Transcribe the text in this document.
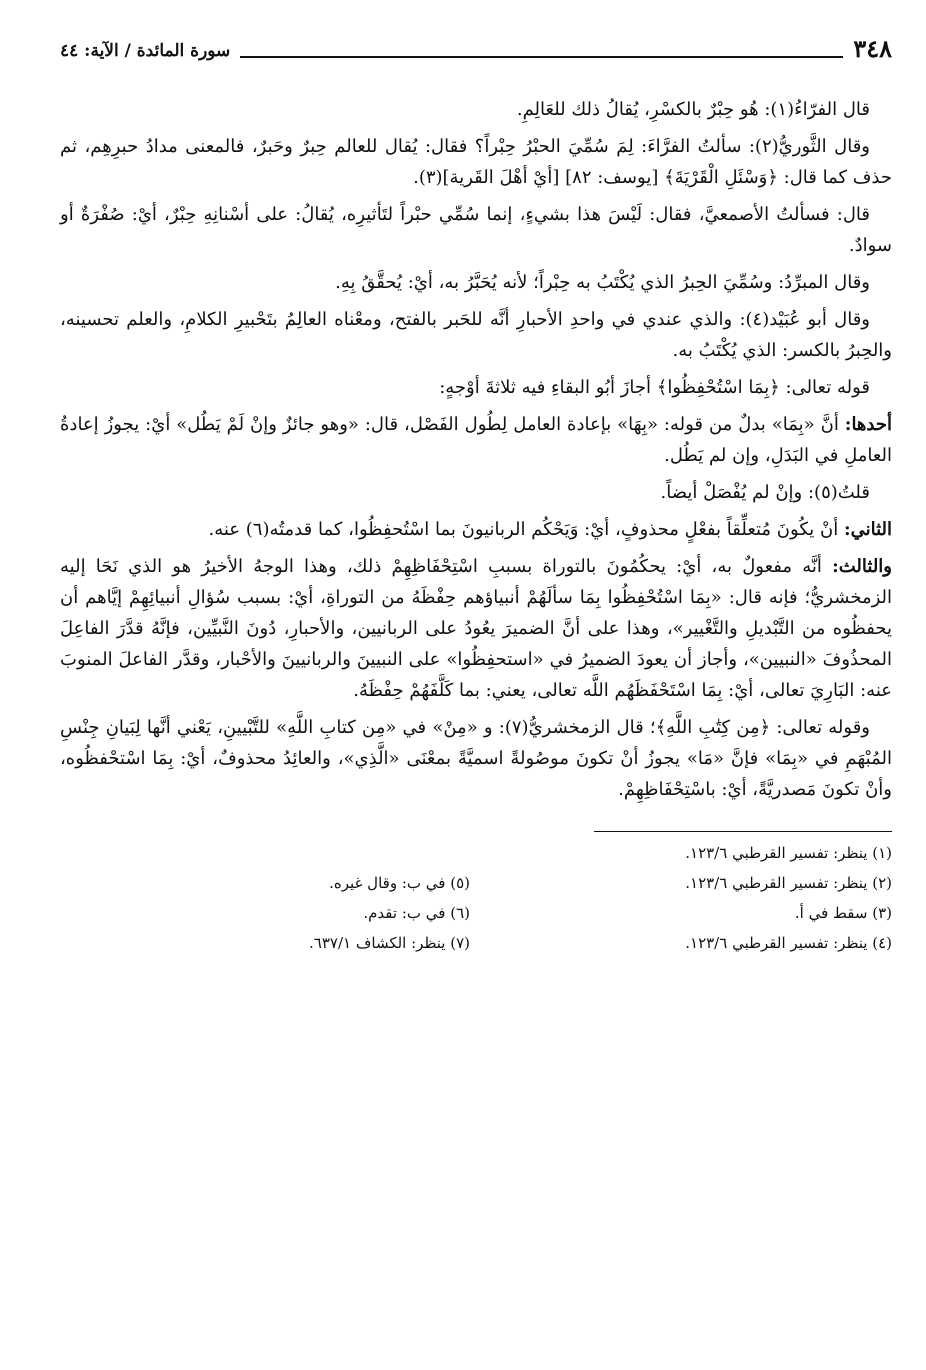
٣٤٨
سورة المائدة / الآية: ٤٤

قال الفرّاءُ(١): هُو حِبْرٌ بالكسْرِ، يُقالُ ذلك للعَالِمِ.

وقال الثَّوريُّ(٢): سألتُ الفرَّاءَ: لِمَ سُمِّيَ الحبْرُ حِبْراً؟ فقال: يُقال للعالم حِبرٌ وحَبرٌ، فالمعنى مدادُ حبرِهِم، ثم حذف كما قال: ﴿وَسْئَلِ الْقَرْيَةَ﴾ [يوسف: ٨٢] [أيْ أهْلَ القَرية](٣).

قال: فسألتُ الأصمعيَّ، فقال: لَيْسَ هذا بشيءٍ، إنما سُمِّي حبْراً لتَأثيرِه، يُقالُ: على أسْنانِهِ حِبْرٌ، أيْ: صُفْرَةٌ أو سوادٌ.

وقال المبرِّدُ: وسُمِّيَ الحِبرُ الذي يُكْتَبُ به حِبْراً؛ لأنه يُحَبَّرُ به، أيْ: يُحقَّقُ بِهِ.

وقال أبو عُبَيْد(٤): والذي عندي في واحدِ الأحبارِ أنَّه للحَبر بالفتح، ومعْناه العالِمُ بتَحْبيرِ الكلامِ، والعلم تحسينه، والحِبرُ بالكسر: الذي يُكْتَبُ به.

قوله تعالى: ﴿بِمَا اسْتُحْفِظُوا﴾ أجازَ أبُو البقاءِ فيه ثلاثةَ أوْجهٍ:

أحدها: أنَّ «بِمَا» بدلٌ من قوله: «بِهَا» بإعادة العامل لِطُول الفَصْل، قال: «وهو جائزٌ وإنْ لَمْ يَطُل» أيْ: يجوزُ إعادةُ العاملِ في البَدَلِ، وإن لم يَطُل.

قلتُ(٥): وإنْ لم يُفْصَلْ أيضاً.

الثاني: أنْ يكُونَ مُتعلِّقاً بفعْلٍ محذوفٍ، أيْ: وَيَحْكُم الربانيونَ بما اسْتُحفِظُوا، كما قدمتُه(٦) عنه.

والثالث: أنَّه مفعولٌ به، أيْ: يحكُمُونَ بالتوراة بسببِ اسْتِحْفَاظِهِمْ ذلك، وهذا الوجهُ الأخيرُ هو الذي نَحَا إليه الزمخشريُّ؛ فإنه قال: «بِمَا اسْتُحْفِظُوا بِمَا سألَهُمْ أنبياؤهم حِفْظَهُ من التوراةِ، أيْ: بسبب سُؤالِ أنبيائِهِمْ إيَّاهم أن يحفظُوه من التَّبْديلِ والتَّغْيير»، وهذا على أنَّ الضميرَ يعُودُ على الربانيين، والأحبارِ، دُونَ النَّبيِّين، فإنَّهُ قدَّرَ الفاعِلَ المحذُوفَ «النبيين»، وأجاز أن يعودَ الضميرُ في «استحفِظُوا» على النبيينَ والربانيينَ والأحْبار، وقدَّر الفاعلَ المنوبَ عنه: البَارِيَ تعالى، أيْ: بِمَا اسْتَحْفَظَهُم اللَّه تعالى، يعني: بما كَلَّفَهُمْ حِفْظَهُ.

وقوله تعالى: ﴿مِن كِتَٰبِ اللَّهِ﴾؛ قال الزمخشريُّ(٧): و «مِنْ» في «مِن كتابِ اللَّهِ» للتَّبْيينِ، يَعْني أنَّها لِبَيانِ جِنْسِ المُبْهَمِ في «بِمَا» فإنَّ «مَا» يجوزُ أنْ تكونَ موصُولةً اسميَّةً بمعْنَى «الَّذِي»، والعائِدُ محذوفٌ، أيْ: بِمَا اسْتحْفظُوه، وأنْ تكونَ مَصدريَّةً، أيْ: باسْتِحْفَاظِهِمْ.

(١) ينظر: تفسير القرطبي ١٢٣/٦.
(٢) ينظر: تفسير القرطبي ١٢٣/٦.
(٣) سقط في أ.
(٤) ينظر: تفسير القرطبي ١٢٣/٦.
(٥) في ب: وقال غيره.
(٦) في ب: تقدم.
(٧) ينظر: الكشاف ٦٣٧/١.
